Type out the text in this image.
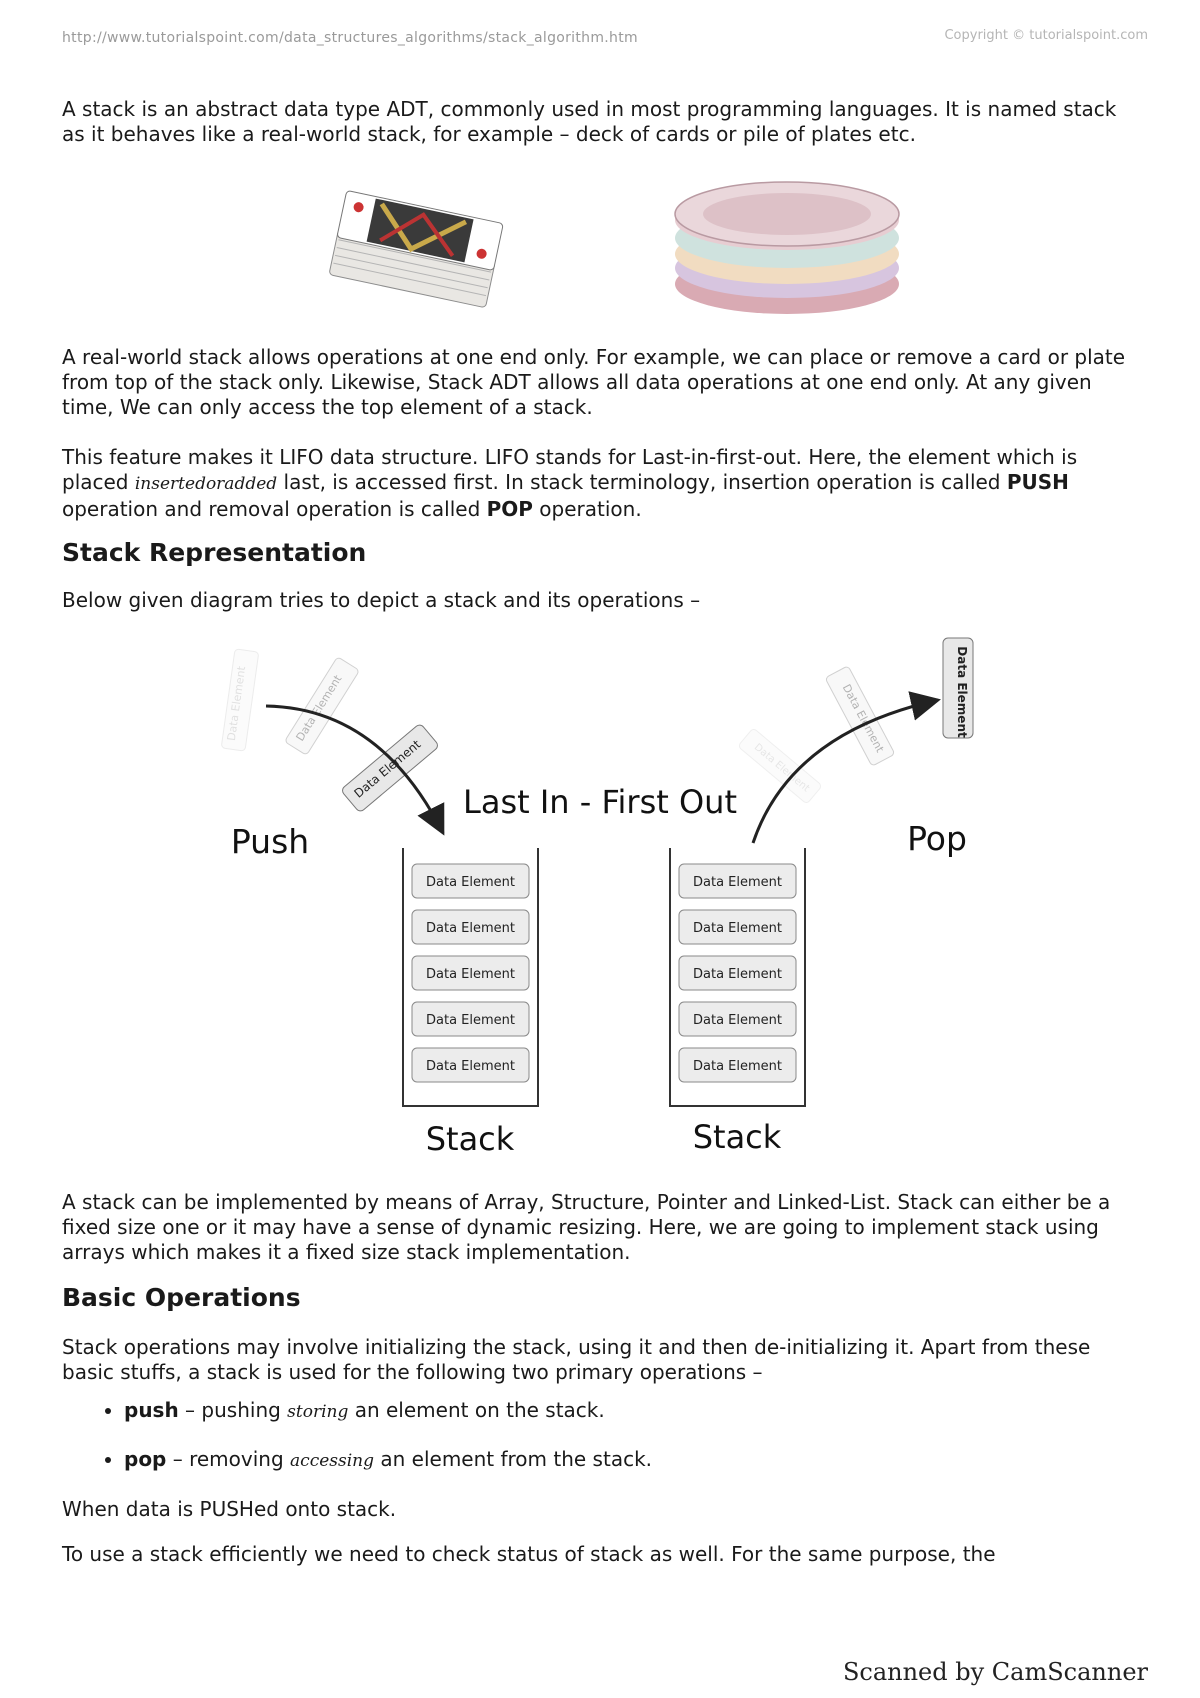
http://www.tutorialspoint.com/data_structures_algorithms/stack_algorithm.htm	Copyright © tutorialspoint.com

A stack is an abstract data type ADT, commonly used in most programming languages. It is named stack as it behaves like a real-world stack, for example – deck of cards or pile of plates etc.

A real-world stack allows operations at one end only. For example, we can place or remove a card or plate from top of the stack only. Likewise, Stack ADT allows all data operations at one end only. At any given time, We can only access the top element of a stack.

This feature makes it LIFO data structure. LIFO stands for Last-in-first-out. Here, the element which is placed insertedoradded last, is accessed first. In stack terminology, insertion operation is called PUSH operation and removal operation is called POP operation.

Stack Representation

Below given diagram tries to depict a stack and its operations –

Data Element	Data Element
Data Element
Data Element
Data Element
Data Element
Last In - First Out
Push	Pop
Data Element
Data Element
Data Element
Data Element
Data Element
Data Element
Data Element
Data Element
Data Element
Data Element
Stack	Stack

A stack can be implemented by means of Array, Structure, Pointer and Linked-List. Stack can either be a fixed size one or it may have a sense of dynamic resizing. Here, we are going to implement stack using arrays which makes it a fixed size stack implementation.

Basic Operations

Stack operations may involve initializing the stack, using it and then de-initializing it. Apart from these basic stuffs, a stack is used for the following two primary operations –

• push – pushing storing an element on the stack.
• pop – removing accessing an element from the stack.

When data is PUSHed onto stack.

To use a stack efficiently we need to check status of stack as well. For the same purpose, the

Scanned by CamScanner
